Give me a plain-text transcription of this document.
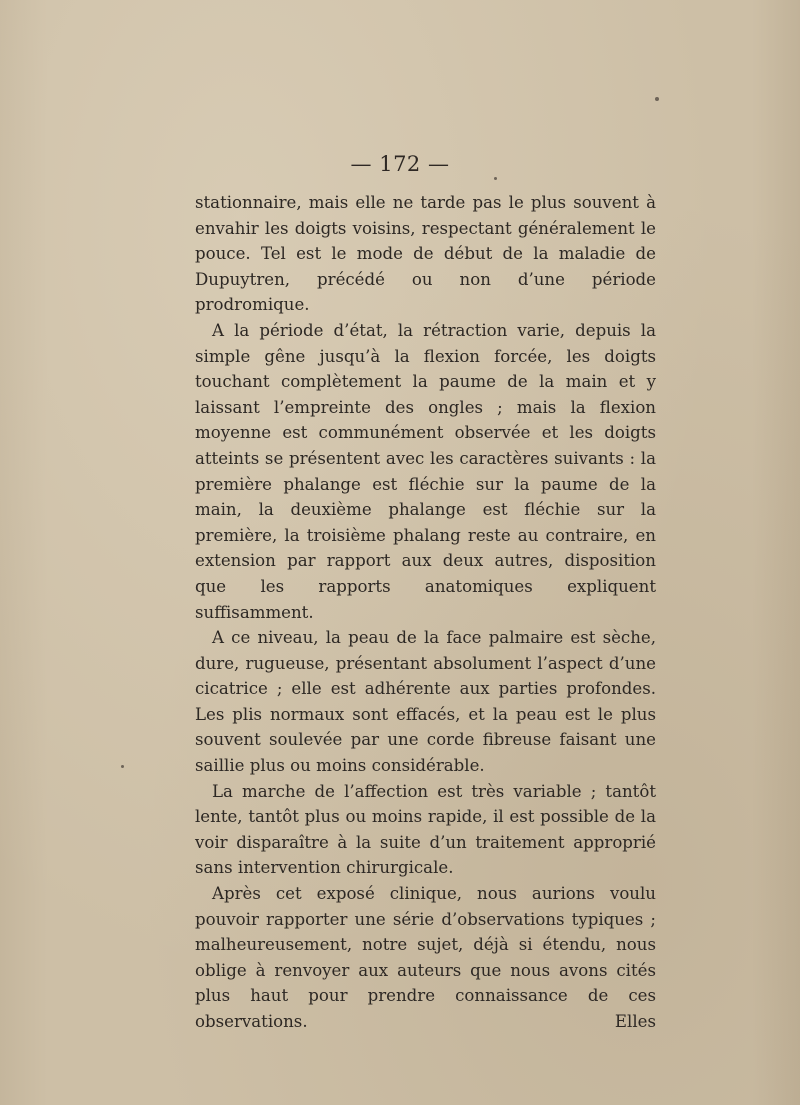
— 172 —

stationnaire, mais elle ne tarde pas le plus souvent à envahir les doigts voisins, respectant généralement le pouce. Tel est le mode de début de la maladie de Dupuytren, précédé ou non d’une période prodromique.

A la période d’état, la rétraction varie, depuis la simple gêne jusqu’à la flexion forcée, les doigts touchant complètement la paume de la main et y laissant l’empreinte des ongles ; mais la flexion moyenne est communément observée et les doigts atteints se présentent avec les caractères suivants : la première phalange est fléchie sur la paume de la main, la deuxième phalange est fléchie sur la première, la troisième phalang reste au contraire, en extension par rapport aux deux autres, disposition que les rapports anatomiques expliquent suffisamment.

A ce niveau, la peau de la face palmaire est sèche, dure, rugueuse, présentant absolument l’aspect d’une cicatrice ; elle est adhérente aux parties profondes. Les plis normaux sont effacés, et la peau est le plus souvent soulevée par une corde fibreuse faisant une saillie plus ou moins considérable.

La marche de l’affection est très variable ; tantôt lente, tantôt plus ou moins rapide, il est possible de la voir disparaître à la suite d’un traitement approprié sans intervention chirurgicale.

Après cet exposé clinique, nous aurions voulu pouvoir rapporter une série d’observations typiques ; malheureusement, notre sujet, déjà si étendu, nous oblige à renvoyer aux auteurs que nous avons cités plus haut pour prendre connaissance de ces observations. Elles
